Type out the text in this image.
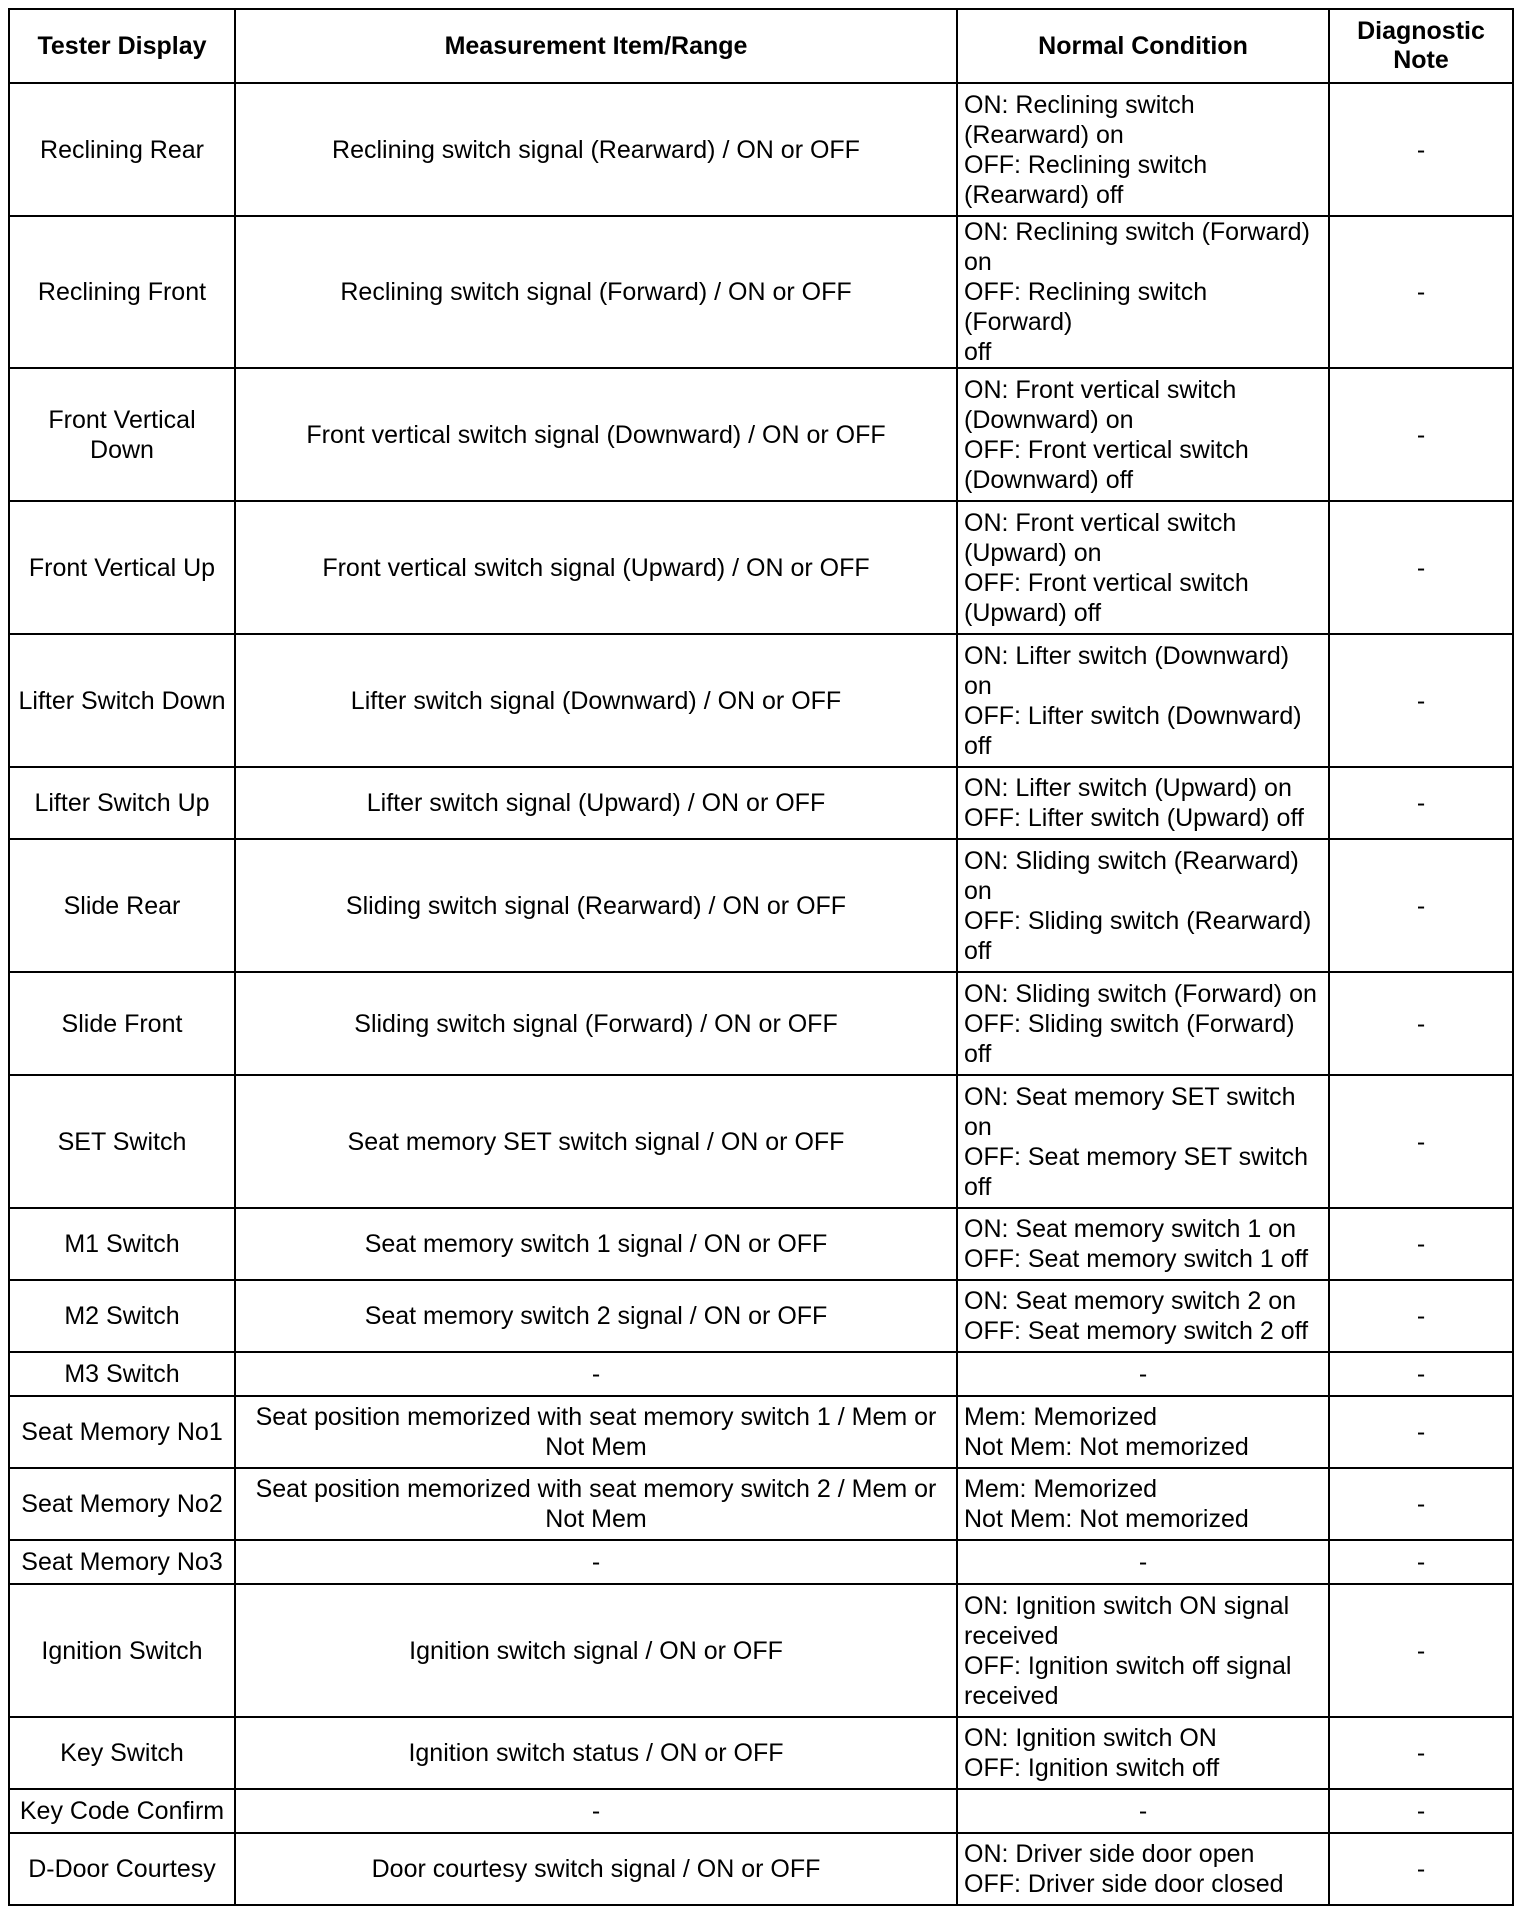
Tester Display	Measurement Item/Range	Normal Condition	Diagnostic
Note

Reclining Rear	Reclining switch signal (Rearward) / ON or OFF	ON: Reclining switch
(Rearward) on
OFF: Reclining switch
(Rearward) off	-

Reclining Front	Reclining switch signal (Forward) / ON or OFF	ON: Reclining switch (Forward)
on
OFF: Reclining switch (Forward)
off	-

Front Vertical
Down	Front vertical switch signal (Downward) / ON or OFF	ON: Front vertical switch
(Downward) on
OFF: Front vertical switch
(Downward) off	-

Front Vertical Up	Front vertical switch signal (Upward) / ON or OFF	ON: Front vertical switch
(Upward) on
OFF: Front vertical switch
(Upward) off	-

Lifter Switch Down	Lifter switch signal (Downward) / ON or OFF	ON: Lifter switch (Downward)
on
OFF: Lifter switch (Downward)
off	-

Lifter Switch Up	Lifter switch signal (Upward) / ON or OFF	ON: Lifter switch (Upward) on
OFF: Lifter switch (Upward) off	-

Slide Rear	Sliding switch signal (Rearward) / ON or OFF	ON: Sliding switch (Rearward)
on
OFF: Sliding switch (Rearward)
off	-

Slide Front	Sliding switch signal (Forward) / ON or OFF	ON: Sliding switch (Forward) on
OFF: Sliding switch (Forward)
off	-

SET Switch	Seat memory SET switch signal / ON or OFF	ON: Seat memory SET switch
on
OFF: Seat memory SET switch
off	-

M1 Switch	Seat memory switch 1 signal / ON or OFF	ON: Seat memory switch 1 on
OFF: Seat memory switch 1 off	-

M2 Switch	Seat memory switch 2 signal / ON or OFF	ON: Seat memory switch 2 on
OFF: Seat memory switch 2 off	-

M3 Switch	-	-	-

Seat Memory No1	Seat position memorized with seat memory switch 1 / Mem or
Not Mem	Mem: Memorized
Not Mem: Not memorized	-

Seat Memory No2	Seat position memorized with seat memory switch 2 / Mem or
Not Mem	Mem: Memorized
Not Mem: Not memorized	-

Seat Memory No3	-	-	-

Ignition Switch	Ignition switch signal / ON or OFF	ON: Ignition switch ON signal
received
OFF: Ignition switch off signal
received	-

Key Switch	Ignition switch status / ON or OFF	ON: Ignition switch ON
OFF: Ignition switch off	-

Key Code Confirm	-	-	-

D-Door Courtesy	Door courtesy switch signal / ON or OFF	ON: Driver side door open
OFF: Driver side door closed	-
